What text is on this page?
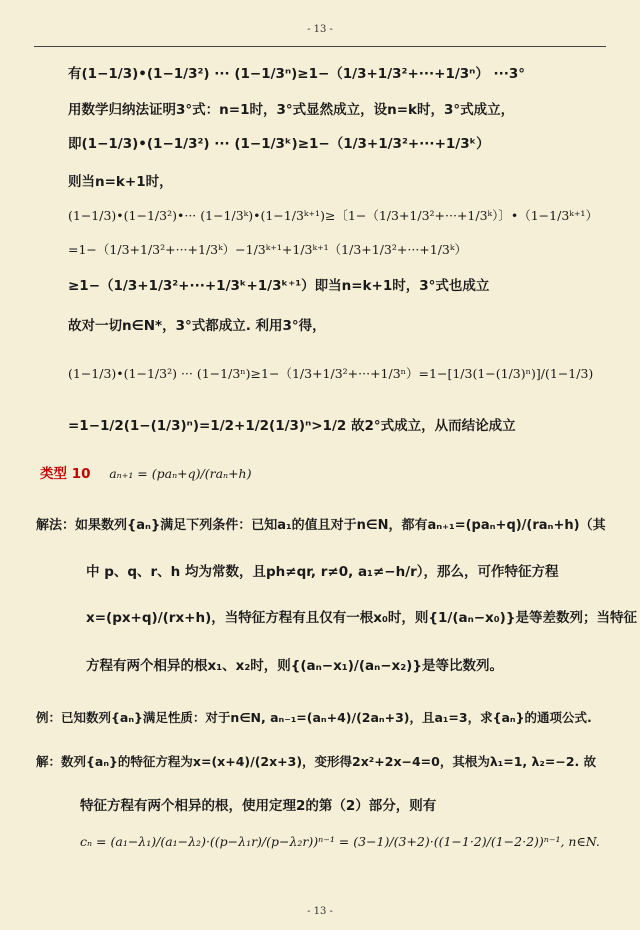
- 13 -
有(1−1/3)•(1−1/3²) ··· (1−1/3ⁿ)≥1−（1/3+1/3²+···+1/3ⁿ） ···3°
用数学归纳法证明3°式：n=1时，3°式显然成立，设n=k时，3°式成立，
即(1−1/3)•(1−1/3²) ··· (1−1/3ᵏ)≥1−（1/3+1/3²+···+1/3ᵏ）
则当n=k+1时，
(1−1/3)•(1−1/3²)•··· (1−1/3ᵏ)•(1−1/3ᵏ⁺¹)≥〔1−（1/3+1/3²+···+1/3ᵏ）〕•（1−1/3ᵏ⁺¹）
=1−（1/3+1/3²+···+1/3ᵏ）−1/3ᵏ⁺¹+1/3ᵏ⁺¹（1/3+1/3²+···+1/3ᵏ）
≥1−（1/3+1/3²+···+1/3ᵏ+1/3ᵏ⁺¹）即当n=k+1时，3°式也成立
故对一切n∈N*，3°式都成立. 利用3°得，
(1−1/3)•(1−1/3²) ··· (1−1/3ⁿ)≥1−（1/3+1/3²+···+1/3ⁿ）=1−[1/3(1−(1/3)ⁿ)]/(1−1/3)
=1−1/2(1−(1/3)ⁿ)=1/2+1/2(1/3)ⁿ>1/2 故2°式成立，从而结论成立
类型 10 aₙ₊₁ = (paₙ+q)/(raₙ+h)
解法：如果数列{aₙ}满足下列条件：已知a₁的值且对于n∈N，都有aₙ₊₁=(paₙ+q)/(raₙ+h)（其
中 p、q、r、h 均为常数，且ph≠qr, r≠0, a₁≠−h/r），那么，可作特征方程
x=(px+q)/(rx+h)，当特征方程有且仅有一根x₀时，则{1/(aₙ−x₀)}是等差数列；当特征
方程有两个相异的根x₁、x₂时，则{(aₙ−x₁)/(aₙ−x₂)}是等比数列。
例：已知数列{aₙ}满足性质：对于n∈N, aₙ₋₁=(aₙ+4)/(2aₙ+3)，且a₁=3，求{aₙ}的通项公式.
解：数列{aₙ}的特征方程为x=(x+4)/(2x+3)，变形得2x²+2x−4=0，其根为λ₁=1, λ₂=−2. 故
特征方程有两个相异的根，使用定理2的第（2）部分，则有
cₙ = (a₁−λ₁)/(a₁−λ₂)·((p−λ₁r)/(p−λ₂r))ⁿ⁻¹ = (3−1)/(3+2)·((1−1·2)/(1−2·2))ⁿ⁻¹, n∈N.
- 13 -
